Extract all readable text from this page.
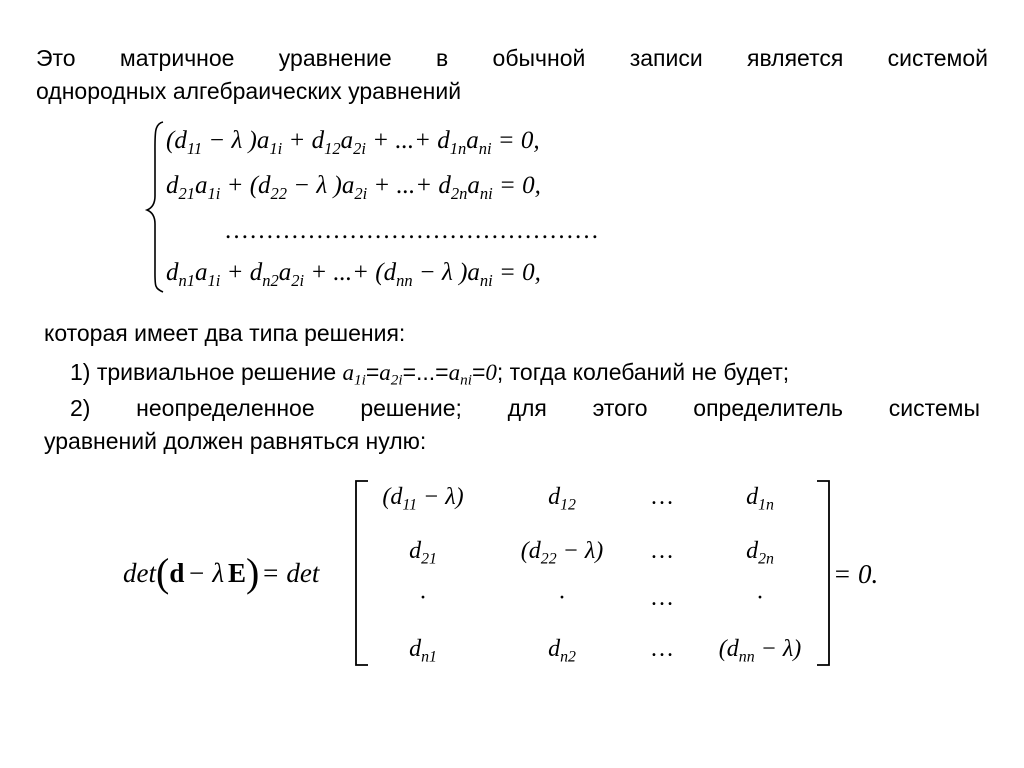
Это матричное уравнение в обычной записи является системой
однородных алгебраических уравнений
($d_{11} - \lambda$ )$a_{1i} + d_{12}a_{2i}$ + ...+ $d_{1n}a_{ni} = 0$,
$d_{21}a_{1i} + (d_{22} - \lambda$ )$a_{2i}$ + ...+ $d_{2n}a_{ni} = 0$,
………………………………………
$d_{n1}a_{1i} + d_{n2}a_{2i}$ + ...+ ($d_{nn} - \lambda$ )$a_{ni} = 0$,
которая имеет два типа решения:
1) тривиальное решение $a_{1i}=a_{2i}=...=a_{ni}=0$; тогда колебаний не будет;
2) неопределенное решение; для этого определитель системы
уравнений должен равняться нулю:
det(d − λ E)= det
$(d_{11} - \lambda)$	$d_{12}$	…	$d_{1n}$
$d_{21}$	$(d_{22} - \lambda)$ …	$d_{2n}$
·	·	…	·
$d_{n1}$	$d_{n2}$	… $(d_{nn} - \lambda)$
= 0.
